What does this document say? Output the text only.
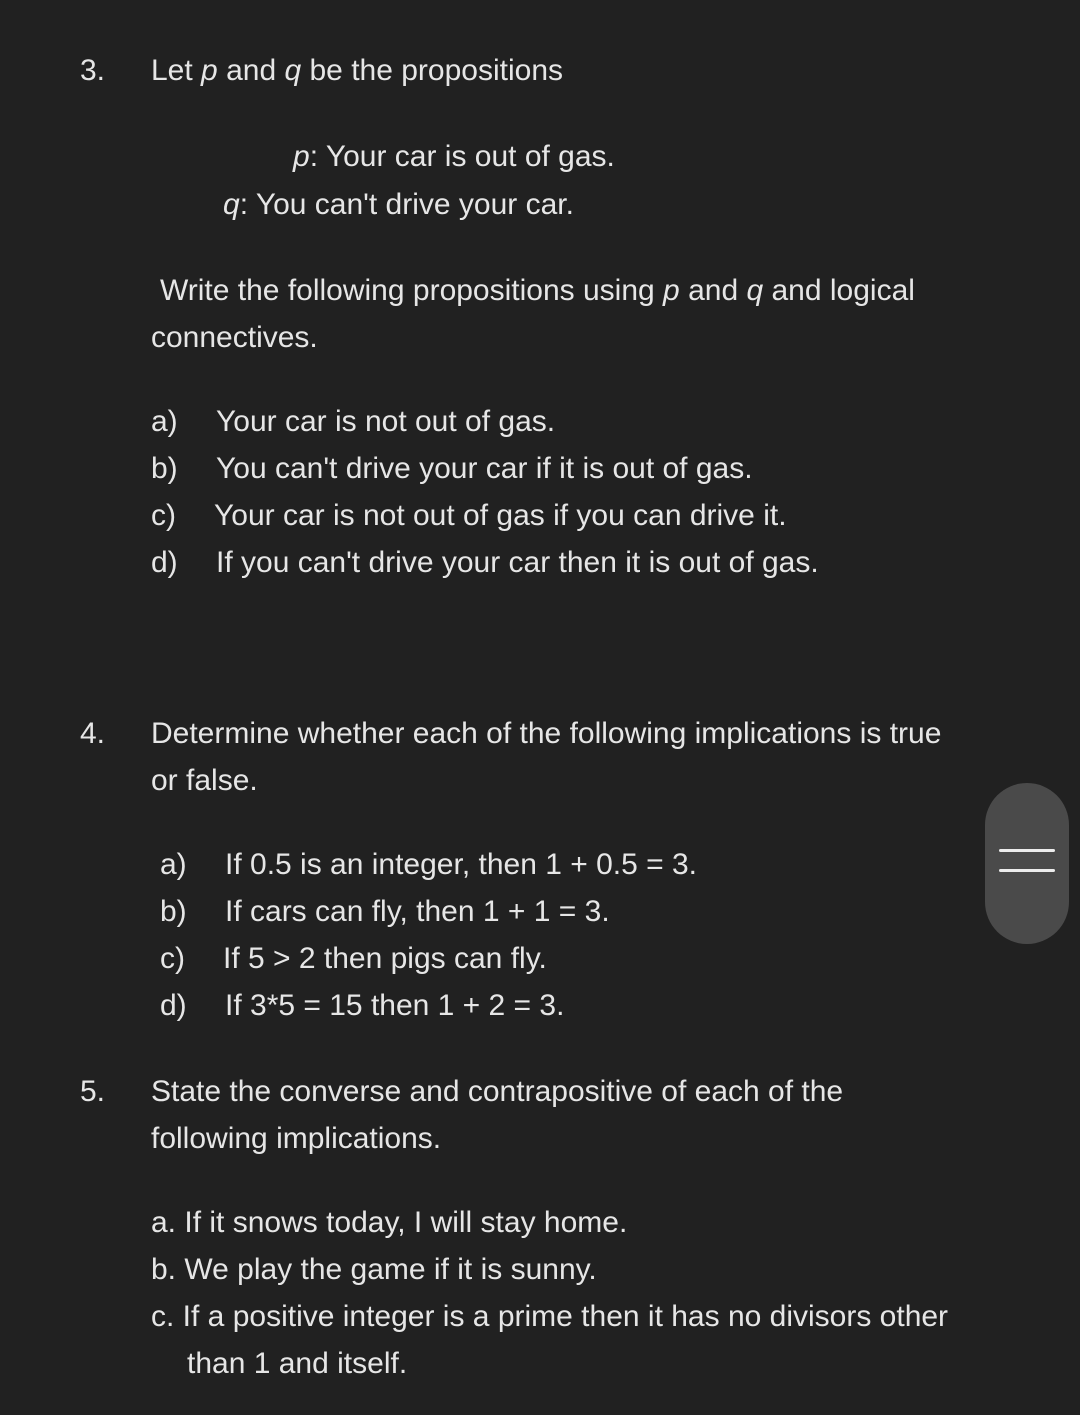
3. Let p and q be the propositions
p: Your car is out of gas.
q: You can't drive your car.
Write the following propositions using p and q and logical
connectives.
a) Your car is not out of gas.
b) You can't drive your car if it is out of gas.
c) Your car is not out of gas if you can drive it.
d) If you can't drive your car then it is out of gas.
4. Determine whether each of the following implications is true
or false.
a) If 0.5 is an integer, then 1 + 0.5 = 3.
b) If cars can fly, then 1 + 1 = 3.
c) If 5 > 2 then pigs can fly.
d) If 3*5 = 15 then 1 + 2 = 3.
5. State the converse and contrapositive of each of the
following implications.
a. If it snows today, I will stay home.
b. We play the game if it is sunny.
c. If a positive integer is a prime then it has no divisors other
than 1 and itself.
